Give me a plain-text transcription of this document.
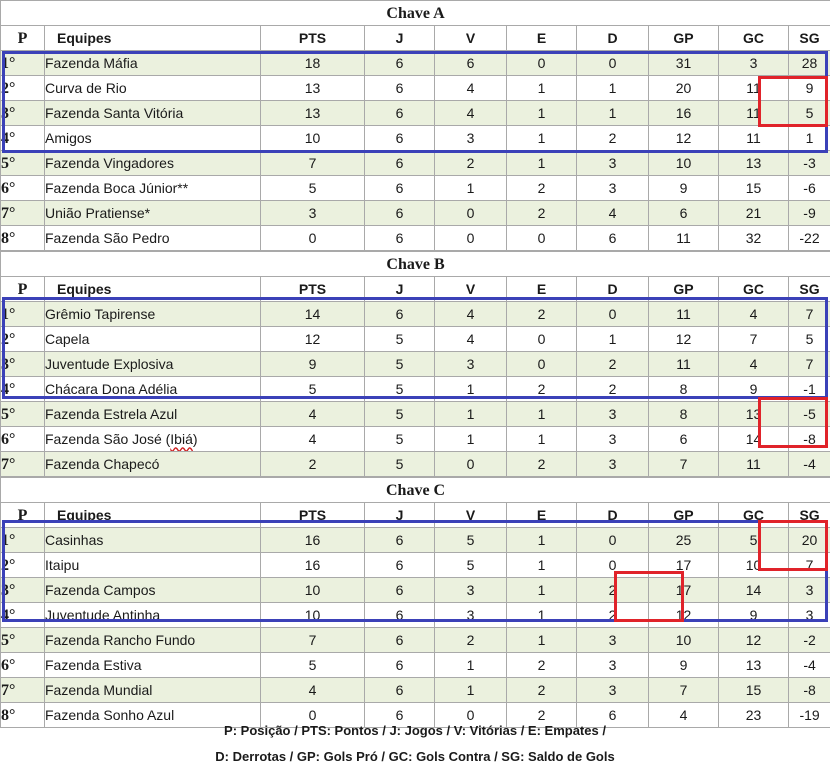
Chave A									
P	Equipes	PTS	J	V	E	D	GP	GC	SG
1°	Fazenda Máfia	18	6	6	0	0	31	3	28
2°	Curva de Rio	13	6	4	1	1	20	11	9
3°	Fazenda Santa Vitória	13	6	4	1	1	16	11	5
4°	Amigos	10	6	3	1	2	12	11	1
5°	Fazenda Vingadores	7	6	2	1	3	10	13	-3
6°	Fazenda Boca Júnior**	5	6	1	2	3	9	15	-6
7°	União Pratiense*	3	6	0	2	4	6	21	-9
8°	Fazenda São Pedro	0	6	0	0	6	11	32	-22
Chave B									
P	Equipes	PTS	J	V	E	D	GP	GC	SG
1°	Grêmio Tapirense	14	6	4	2	0	11	4	7
2°	Capela	12	5	4	0	1	12	7	5
3°	Juventude Explosiva	9	5	3	0	2	11	4	7
4°	Chácara Dona Adélia	5	5	1	2	2	8	9	-1
5°	Fazenda Estrela Azul	4	5	1	1	3	8	13	-5
6°	Fazenda São José (Ibiá)	4	5	1	1	3	6	14	-8
7°	Fazenda Chapecó	2	5	0	2	3	7	11	-4
Chave C									
P	Equipes	PTS	J	V	E	D	GP	GC	SG
1°	Casinhas	16	6	5	1	0	25	5	20
2°	Itaipu	16	6	5	1	0	17	10	7
3°	Fazenda Campos	10	6	3	1	2	17	14	3
4°	Juventude Antinha	10	6	3	1	2	12	9	3
5°	Fazenda Rancho Fundo	7	6	2	1	3	10	12	-2
6°	Fazenda Estiva	5	6	1	2	3	9	13	-4
7°	Fazenda Mundial	4	6	1	2	3	7	15	-8
8°	Fazenda Sonho Azul	0	6	0	2	6	4	23	-19
P: Posição / PTS: Pontos / J: Jogos / V: Vitórias / E: Empates /
D: Derrotas / GP: Gols Pró / GC: Gols Contra / SG: Saldo de Gols
